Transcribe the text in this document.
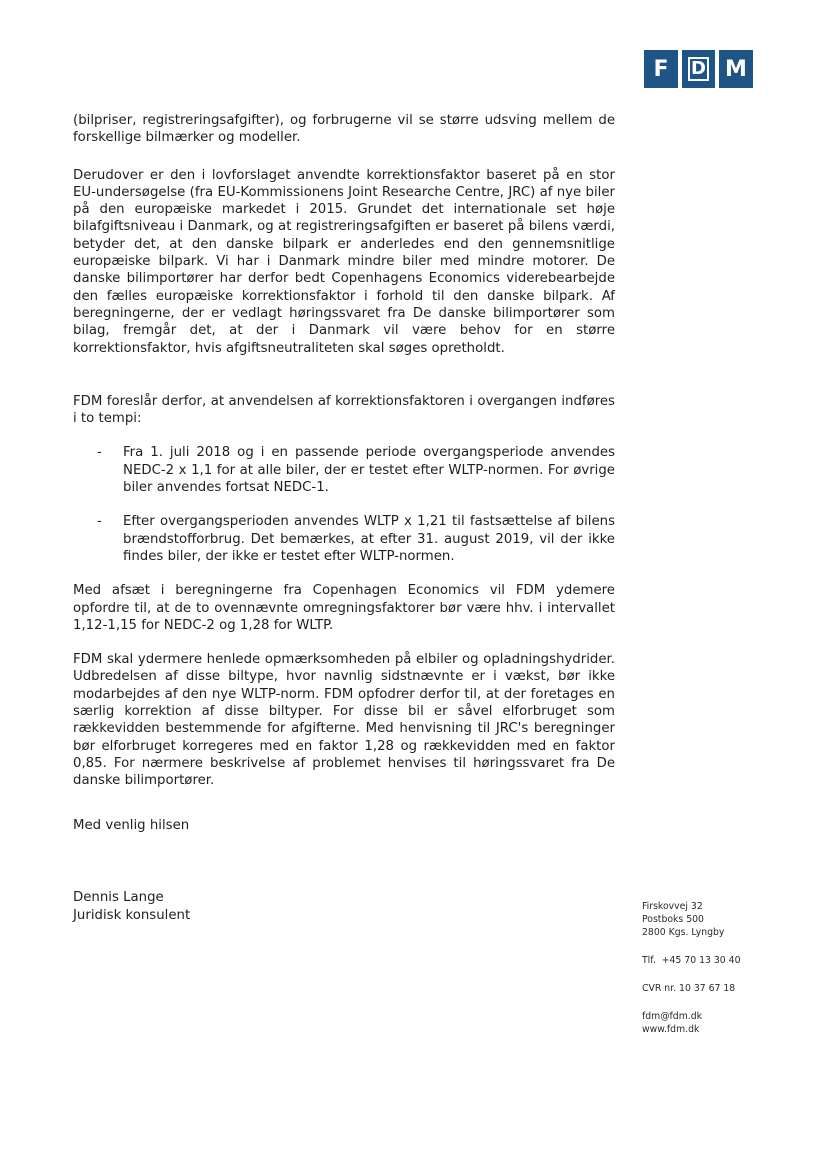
F	D M

(bilpriser, registreringsafgifter), og forbrugerne vil se større udsving mellem de forskellige bilmærker og modeller.

Derudover er den i lovforslaget anvendte korrektionsfaktor baseret på en stor EU-undersøgelse (fra EU-Kommissionens Joint Researche Centre, JRC) af nye biler på den europæiske markedet i 2015. Grundet det internationale set høje bilafgiftsniveau i Danmark, og at registreringsafgiften er baseret på bilens værdi, betyder det, at den danske bilpark er anderledes end den gennemsnitlige europæiske bilpark. Vi har i Danmark mindre biler med mindre motorer. De danske bilimportører har derfor bedt Copenhagens Economics viderebearbejde den fælles europæiske korrektionsfaktor i forhold til den danske bilpark. Af beregningerne, der er vedlagt høringssvaret fra De danske bilimportører som bilag, fremgår det, at der i Danmark vil være behov for en større korrektionsfaktor, hvis afgiftsneutraliteten skal søges opretholdt.

FDM foreslår derfor, at anvendelsen af korrektionsfaktoren i overgangen indføres i to tempi:

- Fra 1. juli 2018 og i en passende periode overgangsperiode anvendes NEDC-2 x 1,1 for at alle biler, der er testet efter WLTP-normen. For øvrige biler anvendes fortsat NEDC-1.
- Efter overgangsperioden anvendes WLTP x 1,21 til fastsættelse af bilens brændstofforbrug. Det bemærkes, at efter 31. august 2019, vil der ikke findes biler, der ikke er testet efter WLTP-normen.

Med afsæt i beregningerne fra Copenhagen Economics vil FDM ydemere opfordre til, at de to ovennævnte omregningsfaktorer bør være hhv. i intervallet 1,12-1,15 for NEDC-2 og 1,28 for WLTP.

FDM skal ydermere henlede opmærksomheden på elbiler og opladningshydrider. Udbredelsen af disse biltype, hvor navnlig sidstnævnte er i vækst, bør ikke modarbejdes af den nye WLTP-norm. FDM opfodrer derfor til, at der foretages en særlig korrektion af disse biltyper. For disse bil er såvel elforbruget som rækkevidden bestemmende for afgifterne. Med henvisning til JRC's beregninger bør elforbruget korregeres med en faktor 1,28 og rækkevidden med en faktor 0,85. For nærmere beskrivelse af problemet henvises til høringssvaret fra De danske bilimportører.

Med venlig hilsen

Dennis Lange
Juridisk konsulent
Firskovvej 32
Postboks 500
2800 Kgs. Lyngby
Tlf.  +45 70 13 30 40
CVR nr. 10 37 67 18
fdm@fdm.dk
www.fdm.dk
